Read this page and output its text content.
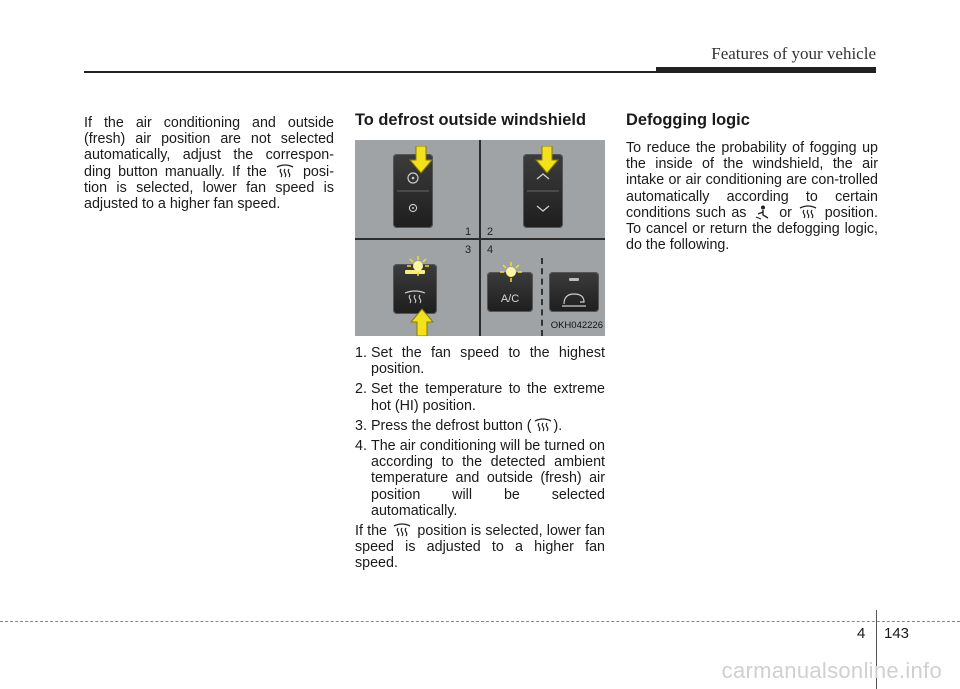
Features of your vehicle

If the air conditioning and outside (fresh) air position are not selected automatically, adjust the correspon-ding button manually. If the	posi-tion is selected, lower fan speed is adjusted to a higher fan speed.

To defrost outside windshield
1 2
3 4
A/C
OKH042226
1. Set the fan speed to the highest position.
2. Set the temperature to the extreme hot (HI) position.
3. Press the defrost button ( ).
4. The air conditioning will be turned on according to the detected ambient temperature and outside (fresh) air position will be selected automatically.

If the position is selected, lower fan speed is adjusted to a higher fan speed.

Defogging logic

To reduce the probability of fogging up the inside of the windshield, the air intake or air conditioning are con-trolled automatically according to certain conditions such as or position. To cancel or return the defogging logic, do the following.

4 143
carmanualsonline.info
